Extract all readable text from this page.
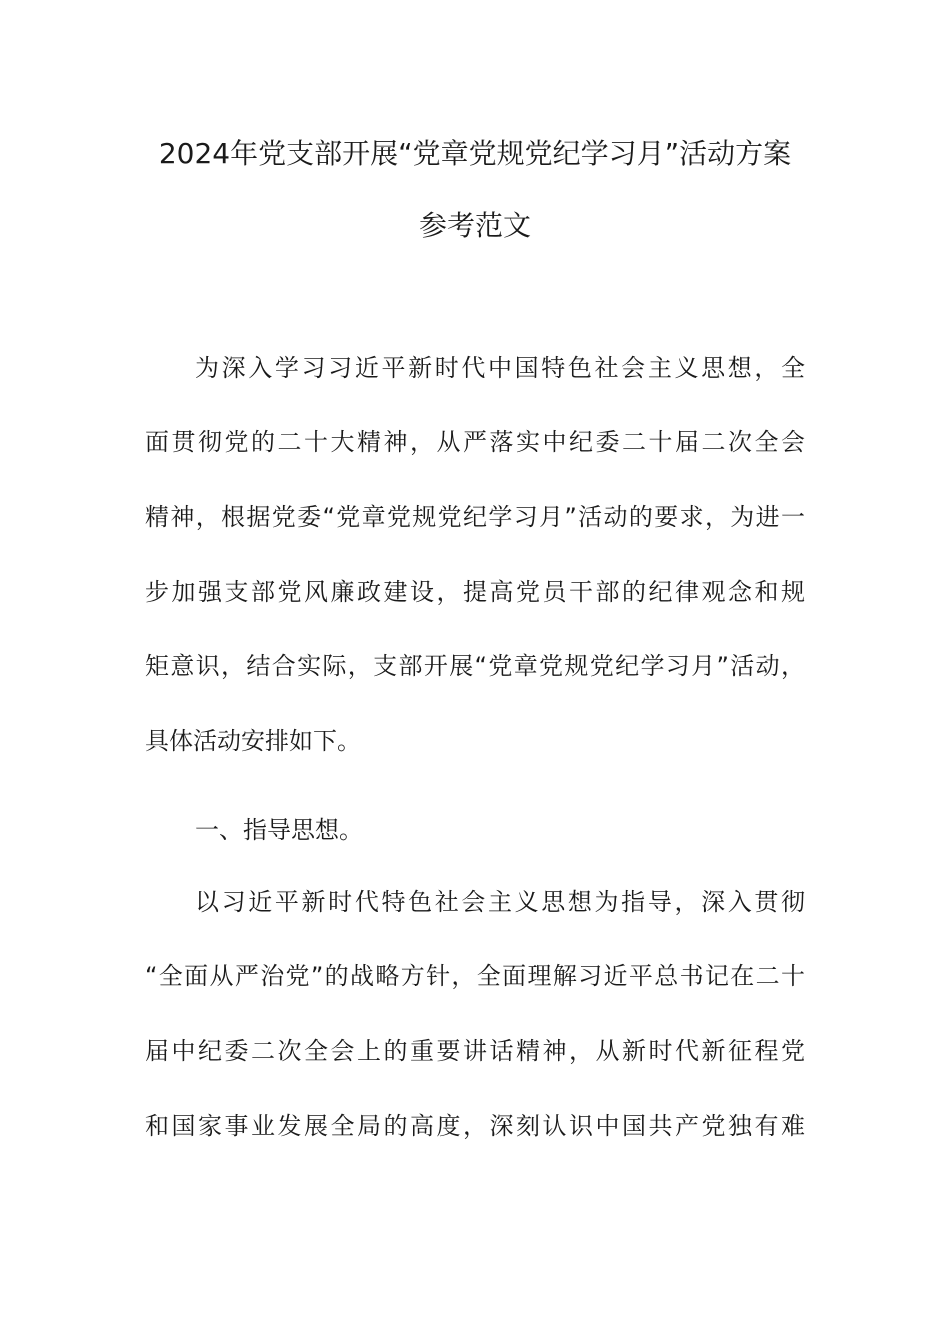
2024年党支部开展“党章党规党纪学习月”活动方案
参考范文
为深入学习习近平新时代中国特色社会主义思想，全
面贯彻党的二十大精神，从严落实中纪委二十届二次全会
精神，根据党委“党章党规党纪学习月”活动的要求，为进一
步加强支部党风廉政建设，提高党员干部的纪律观念和规
矩意识，结合实际，支部开展“党章党规党纪学习月”活动，
具体活动安排如下。
一、指导思想。
以习近平新时代特色社会主义思想为指导，深入贯彻
“全面从严治党”的战略方针，全面理解习近平总书记在二十
届中纪委二次全会上的重要讲话精神，从新时代新征程党
和国家事业发展全局的高度，深刻认识中国共产党独有难
